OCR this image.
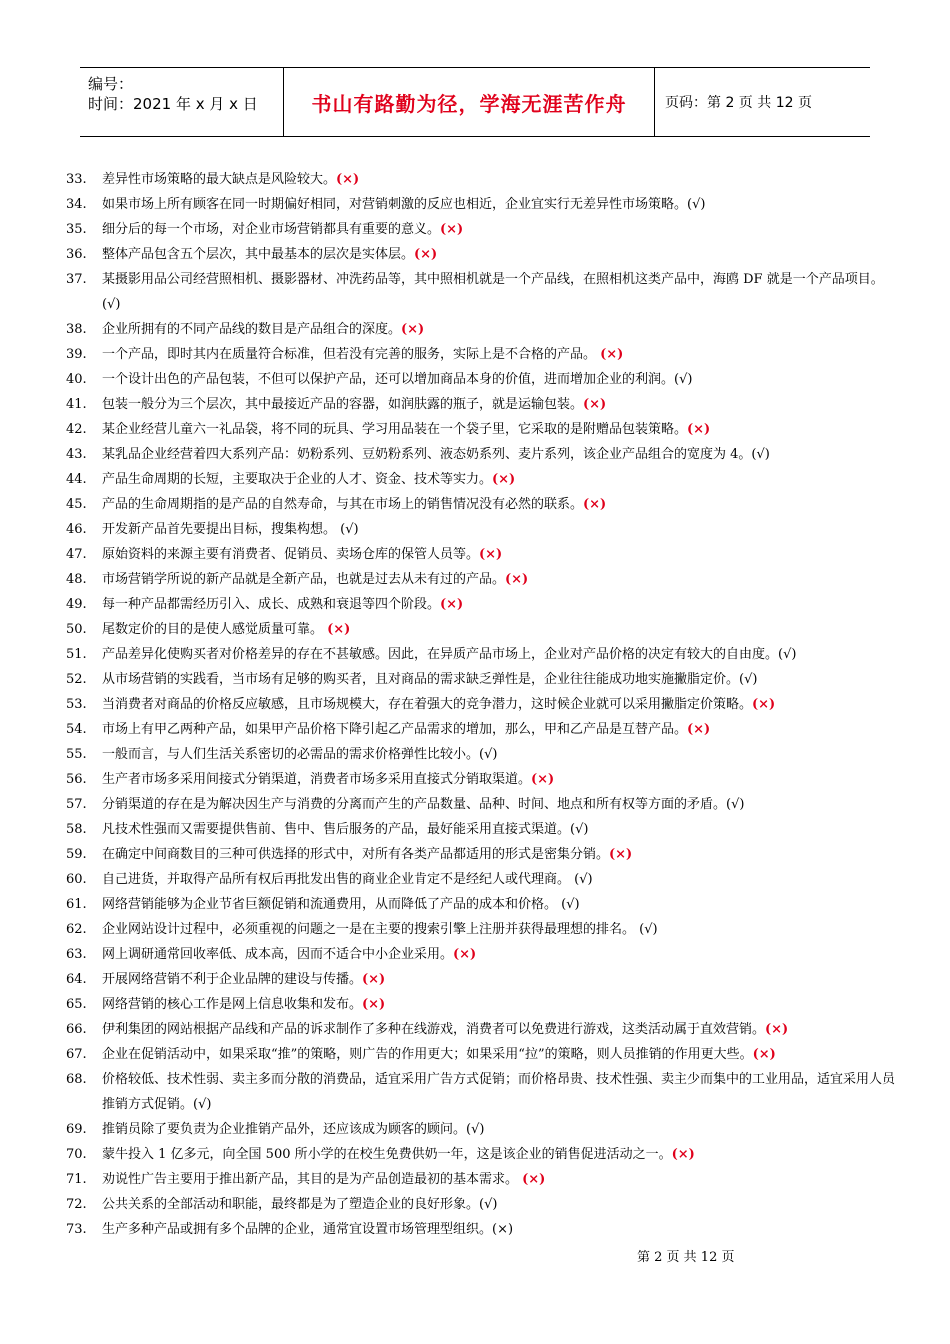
编号：
时间：2021 年 x 月 x 日	书山有路勤为径，学海无涯苦作舟	页码：第 2 页 共 12 页
33.	差异性市场策略的最大缺点是风险较大。(×)
34.	如果市场上所有顾客在同一时期偏好相同，对营销刺激的反应也相近，企业宜实行无差异性市场策略。(√)
35.	细分后的每一个市场，对企业市场营销都具有重要的意义。(×)
36.	整体产品包含五个层次，其中最基本的层次是实体层。(×)
37.	某摄影用品公司经营照相机、摄影器材、冲洗药品等，其中照相机就是一个产品线，在照相机这类产品中，海鸥 DF 就是一个产品项目。(√)
38.	企业所拥有的不同产品线的数目是产品组合的深度。(×)
39.	一个产品，即时其内在质量符合标准，但若没有完善的服务，实际上是不合格的产品。 (×)
40.	一个设计出色的产品包装，不但可以保护产品，还可以增加商品本身的价值，进而增加企业的利润。(√)
41.	包装一般分为三个层次，其中最接近产品的容器，如润肤露的瓶子，就是运输包装。(×)
42.	某企业经营儿童六一礼品袋，将不同的玩具、学习用品装在一个袋子里，它采取的是附赠品包装策略。(×)
43.	某乳品企业经营着四大系列产品：奶粉系列、豆奶粉系列、液态奶系列、麦片系列，该企业产品组合的宽度为 4。(√)
44.	产品生命周期的长短，主要取决于企业的人才、资金、技术等实力。(×)
45.	产品的生命周期指的是产品的自然寿命，与其在市场上的销售情况没有必然的联系。(×)
46.	开发新产品首先要提出目标，搜集构想。 (√)
47.	原始资料的来源主要有消费者、促销员、卖场仓库的保管人员等。(×)
48.	市场营销学所说的新产品就是全新产品，也就是过去从未有过的产品。(×)
49.	每一种产品都需经历引入、成长、成熟和衰退等四个阶段。(×)
50.	尾数定价的目的是使人感觉质量可靠。 (×)
51.	产品差异化使购买者对价格差异的存在不甚敏感。因此，在异质产品市场上，企业对产品价格的决定有较大的自由度。(√)
52.	从市场营销的实践看，当市场有足够的购买者，且对商品的需求缺乏弹性是，企业往往能成功地实施撇脂定价。(√)
53.	当消费者对商品的价格反应敏感，且市场规模大，存在着强大的竞争潜力，这时候企业就可以采用撇脂定价策略。(×)
54.	市场上有甲乙两种产品，如果甲产品价格下降引起乙产品需求的增加，那么，甲和乙产品是互替产品。(×)
55.	一般而言，与人们生活关系密切的必需品的需求价格弹性比较小。(√)
56.	生产者市场多采用间接式分销渠道，消费者市场多采用直接式分销取渠道。(×)
57.	分销渠道的存在是为解决因生产与消费的分离而产生的产品数量、品种、时间、地点和所有权等方面的矛盾。(√)
58.	凡技术性强而又需要提供售前、售中、售后服务的产品，最好能采用直接式渠道。(√)
59.	在确定中间商数目的三种可供选择的形式中，对所有各类产品都适用的形式是密集分销。(×)
60.	自己进货，并取得产品所有权后再批发出售的商业企业肯定不是经纪人或代理商。 (√)
61.	网络营销能够为企业节省巨额促销和流通费用，从而降低了产品的成本和价格。 (√)
62.	企业网站设计过程中，必须重视的问题之一是在主要的搜索引擎上注册并获得最理想的排名。 (√)
63.	网上调研通常回收率低、成本高，因而不适合中小企业采用。(×)
64.	开展网络营销不利于企业品牌的建设与传播。(×)
65.	网络营销的核心工作是网上信息收集和发布。(×)
66.	伊利集团的网站根据产品线和产品的诉求制作了多种在线游戏，消费者可以免费进行游戏，这类活动属于直效营销。(×)
67.	企业在促销活动中，如果采取“推”的策略，则广告的作用更大；如果采用“拉”的策略，则人员推销的作用更大些。(×)
68.	价格较低、技术性弱、卖主多而分散的消费品，适宜采用广告方式促销；而价格昂贵、技术性强、卖主少而集中的工业用品，适宜采用人员推销方式促销。(√)
69.	推销员除了要负责为企业推销产品外，还应该成为顾客的顾问。(√)
70.	蒙牛投入 1 亿多元，向全国 500 所小学的在校生免费供奶一年，这是该企业的销售促进活动之一。(×)
71.	劝说性广告主要用于推出新产品，其目的是为产品创造最初的基本需求。 (×)
72.	公共关系的全部活动和职能，最终都是为了塑造企业的良好形象。(√)
73.	生产多种产品或拥有多个品牌的企业，通常宜设置市场管理型组织。(×)
第 2 页 共 12 页
